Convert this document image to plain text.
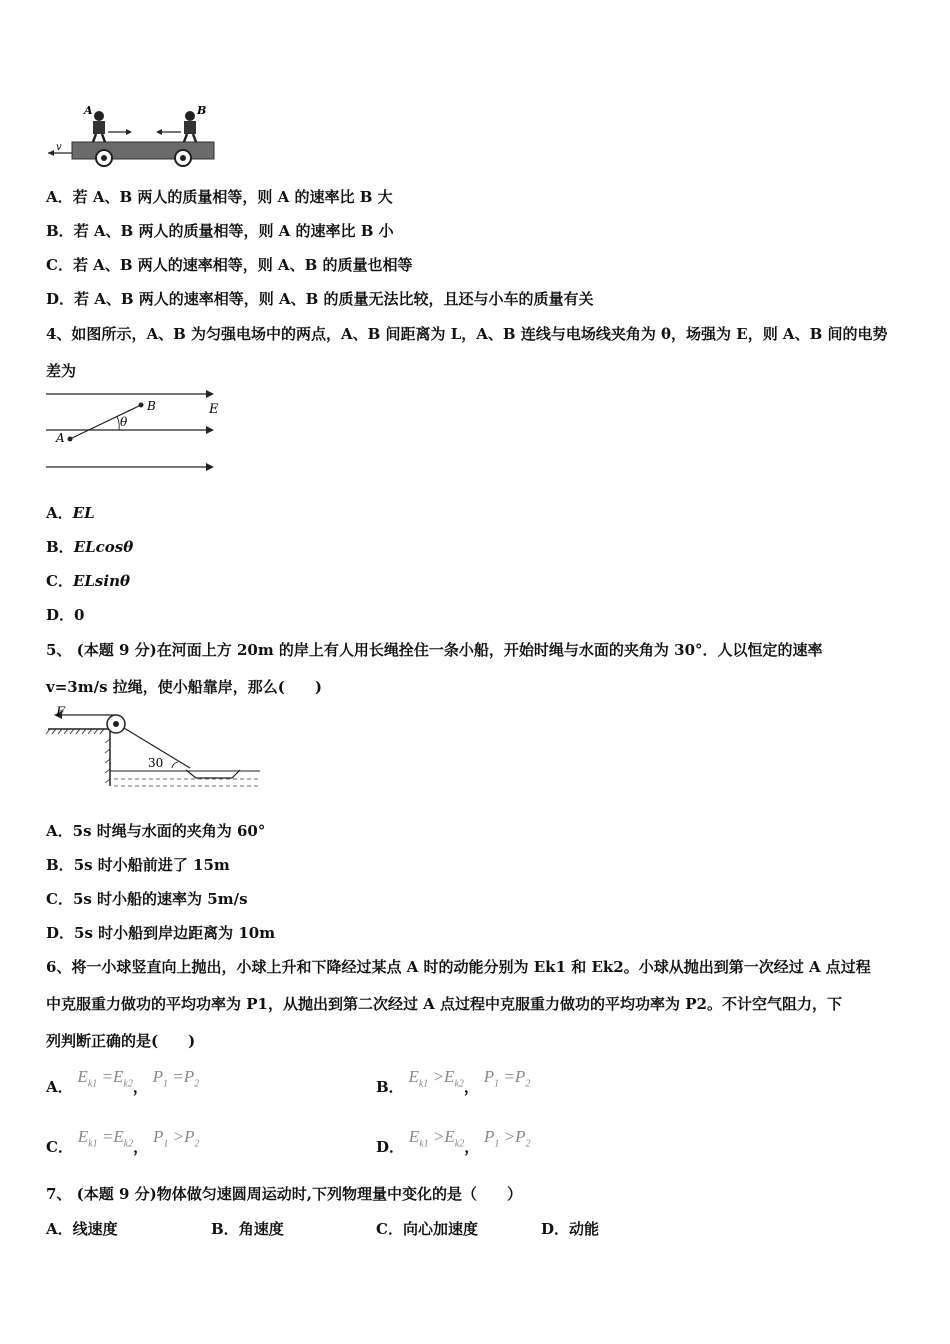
v
A	B
A．若 A、B 两人的质量相等，则 A 的速率比 B 大
B．若 A、B 两人的质量相等，则 A 的速率比 B 小
C．若 A、B 两人的速率相等，则 A、B 的质量也相等
D．若 A、B 两人的速率相等，则 A、B 的质量无法比较，且还与小车的质量有关
4、如图所示，A、B 为匀强电场中的两点，A、B 间距离为 L，A、B 连线与电场线夹角为 θ，场强为 E，则 A、B 间的电势
差为
A
B	E
θ
A．EL
B．ELcosθ
C．ELsinθ
D．0
5、 (本题 9 分)在河面上方 20m 的岸上有人用长绳拴住一条小船，开始时绳与水面的夹角为 30°．人以恒定的速率
v=3m/s 拉绳，使小船靠岸，那么(　　)
F
30
A．5s 时绳与水面的夹角为 60°
B．5s 时小船前进了 15m
C．5s 时小船的速率为 5m/s
D．5s 时小船到岸边距离为 10m
6、将一小球竖直向上抛出，小球上升和下降经过某点 A 时的动能分别为 Ek1 和 Ek2。小球从抛出到第一次经过 A 点过程
中克服重力做功的平均功率为 P1，从抛出到第二次经过 A 点过程中克服重力做功的平均功率为 P2。不计空气阻力，下
列判断正确的是(　　)
A． $E_{k1} =E_{k2}$， $P_1 =P_2$	B． $E_{k1} >E_{k2}$， $P_1 =P_2$
C． $E_{k1} =E_{k2}$， $P_1 >P_2$	D． $E_{k1} >E_{k2}$， $P_1 >P_2$
7、 (本题 9 分)物体做匀速圆周运动时,下列物理量中变化的是（　　）
A．线速度	B．角速度	C．向心加速度	D．动能
